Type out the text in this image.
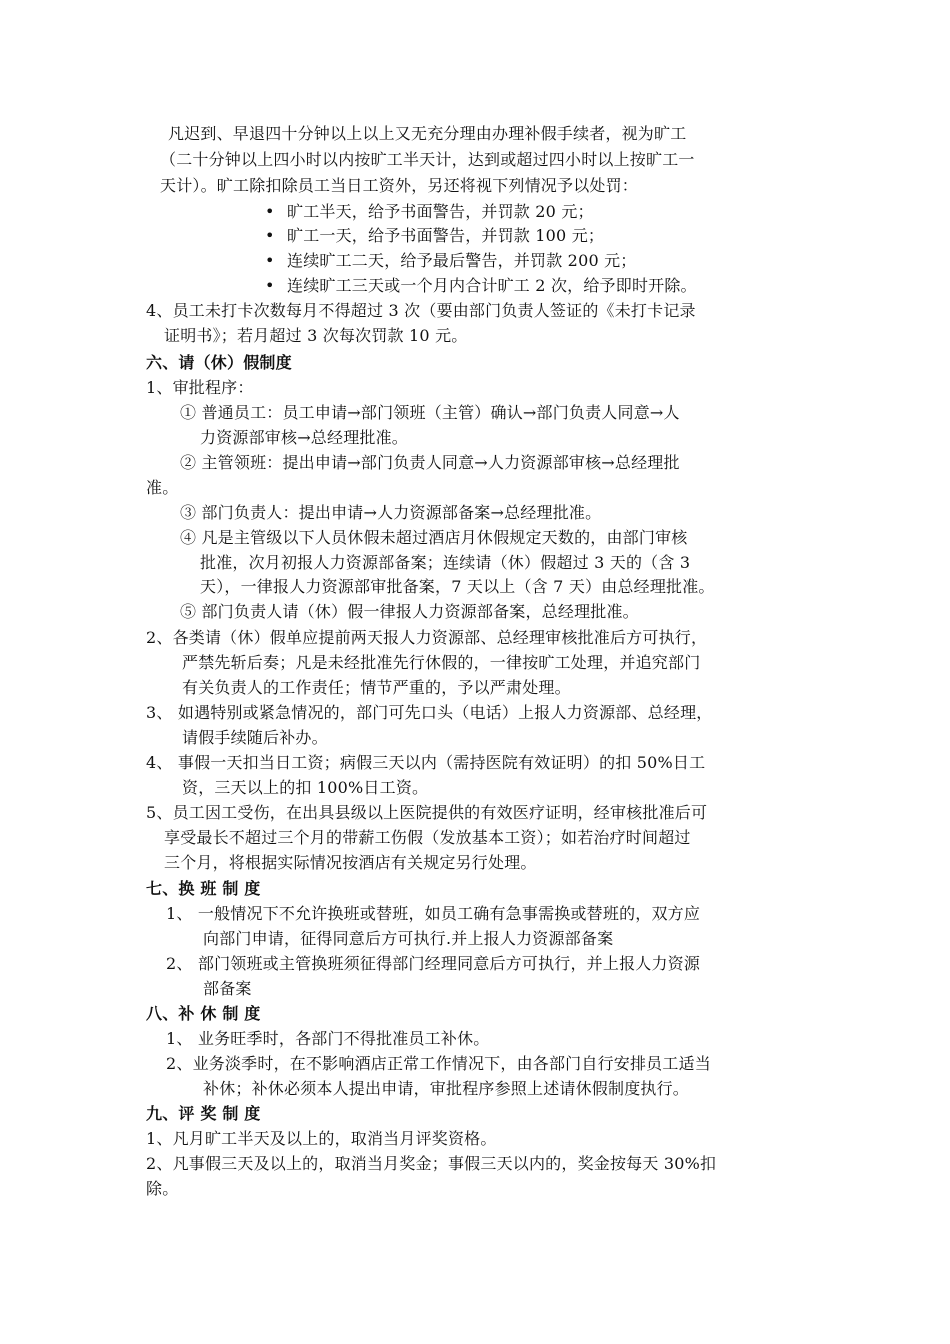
凡迟到、早退四十分钟以上以上又无充分理由办理补假手续者，视为旷工
（二十分钟以上四小时以内按旷工半天计，达到或超过四小时以上按旷工一
天计）。旷工除扣除员工当日工资外，另还将视下列情况予以处罚：
• 旷工半天，给予书面警告，并罚款 20 元；
• 旷工一天，给予书面警告，并罚款 100 元；
• 连续旷工二天，给予最后警告，并罚款 200 元；
• 连续旷工三天或一个月内合计旷工 2 次，给予即时开除。
4、员工未打卡次数每月不得超过 3 次（要由部门负责人签证的《未打卡记录
证明书》；若月超过 3 次每次罚款 10 元。
六、请（休）假制度
1、审批程序：
① 普通员工：员工申请→部门领班（主管）确认→部门负责人同意→人
力资源部审核→总经理批准。
② 主管领班：提出申请→部门负责人同意→人力资源部审核→总经理批
准。
③ 部门负责人：提出申请→人力资源部备案→总经理批准。
④ 凡是主管级以下人员休假未超过酒店月休假规定天数的，由部门审核
批准，次月初报人力资源部备案；连续请（休）假超过 3 天的（含 3
天），一律报人力资源部审批备案，7 天以上（含 7 天）由总经理批准。
⑤ 部门负责人请（休）假一律报人力资源部备案，总经理批准。
2、各类请（休）假单应提前两天报人力资源部、总经理审核批准后方可执行，
严禁先斩后奏；凡是未经批准先行休假的，一律按旷工处理，并追究部门
有关负责人的工作责任；情节严重的，予以严肃处理。
3、 如遇特别或紧急情况的，部门可先口头（电话）上报人力资源部、总经理，
请假手续随后补办。
4、 事假一天扣当日工资；病假三天以内（需持医院有效证明）的扣 50%日工
资，三天以上的扣 100%日工资。
5、员工因工受伤，在出具县级以上医院提供的有效医疗证明，经审核批准后可
享受最长不超过三个月的带薪工伤假（发放基本工资）；如若治疗时间超过
三个月，将根据实际情况按酒店有关规定另行处理。
七、换 班 制 度
1、 一般情况下不允许换班或替班，如员工确有急事需换或替班的，双方应
向部门申请，征得同意后方可执行.并上报人力资源部备案
2、 部门领班或主管换班须征得部门经理同意后方可执行，并上报人力资源
部备案
八、补 休 制 度
1、 业务旺季时，各部门不得批准员工补休。
2、业务淡季时，在不影响酒店正常工作情况下，由各部门自行安排员工适当
补休；补休必须本人提出申请，审批程序参照上述请休假制度执行。
九、评 奖 制 度
1、凡月旷工半天及以上的，取消当月评奖资格。
2、凡事假三天及以上的，取消当月奖金；事假三天以内的，奖金按每天 30%扣
除。
